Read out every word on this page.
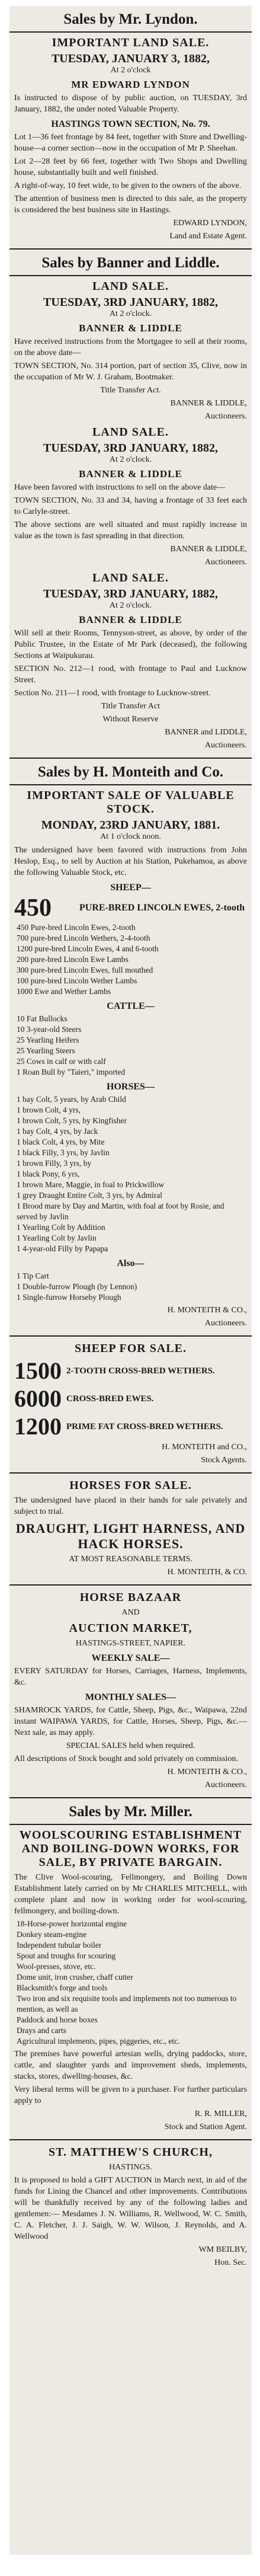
Sales by Mr. Lyndon.
IMPORTANT LAND SALE.
TUESDAY, JANUARY 3, 1882,
At 2 o'clock
MR EDWARD LYNDON

Is instructed to dispose of by public auction, on TUESDAY, 3rd January, 1882, the under noted Valuable Property.

HASTINGS TOWN SECTION, No. 79.

Lot 1—36 feet frontage by 84 feet, together with Store and Dwelling-house—a corner section—now in the occupation of Mr P. Sheehan.

Lot 2—28 feet by 66 feet, together with Two Shops and Dwelling house, substantially built and well finished.

A right-of-way, 10 feet wide, to be given to the owners of the above.

The attention of business men is directed to this sale, as the property is considered the best business site in Hastings.

EDWARD LYNDON,
Land and Estate Agent.
Sales by Banner and Liddle.
LAND SALE.
TUESDAY, 3RD JANUARY, 1882,
At 2 o'clock.
BANNER & LIDDLE

Have received instructions from the Mortgagee to sell at their rooms, on the above date—

TOWN SECTION, No. 314 portion, part of section 35, Clive, now in the occupation of Mr W. J. Graham, Bootmaker.

Title Transfer Act.
BANNER & LIDDLE,
Auctioneers.
LAND SALE.
TUESDAY, 3RD JANUARY, 1882,
At 2 o'clock.
BANNER & LIDDLE

Have been favored with instructions to sell on the above date—

TOWN SECTION, No. 33 and 34, having a frontage of 33 feet each to Carlyle-street.

The above sections are well situated and must rapidly increase in value as the town is fast spreading in that direction.

BANNER & LIDDLE,
Auctioneers.
LAND SALE.
TUESDAY, 3RD JANUARY, 1882,
At 2 o'clock.
BANNER & LIDDLE

Will sell at their Rooms, Tennyson-street, as above, by order of the Public Trustee, in the Estate of Mr Park (deceased), the following Sections at Waipukurau.

SECTION No. 212—1 rood, with frontage to Paul and Lucknow Street.

Section No. 211—1 rood, with frontage to Lucknow-street.

Title Transfer Act
Without Reserve
BANNER and LIDDLE,
Auctioneers.
Sales by H. Monteith and Co.
IMPORTANT SALE OF VALUABLE STOCK.
MONDAY, 23RD JANUARY, 1881.
At 1 o'clock noon.

The undersigned have been favored with instructions from John Heslop, Esq., to sell by Auction at his Station, Pukehamoa, as above the following Valuable Stock, etc.

SHEEP—
450	PURE-BRED LINCOLN EWES, 2-tooth
450 Pure-bred Lincoln Ewes, 2-tooth
700 pure-bred Lincoln Wethers, 2-4-tooth
1200 pure-bred Lincoln Ewes, 4 and 6-tooth
200 pure-bred Lincoln Ewe Lambs
300 pure-bred Lincoln Ewes, full mouthed
100 pure-bred Lincoln Wether Lambs
1000 Ewe and Wether Lambs
CATTLE—
10 Fat Bullocks
10 3-year-old Steers
25 Yearling Heifers
25 Yearling Steers
25 Cows in calf or with calf
1 Roan Bull by "Taieri," imported
HORSES—
1 bay Colt, 5 years, by Arab Child
1 brown Colt, 4 yrs,
1 brown Colt, 5 yrs, by Kingfisher
1 bay Colt, 4 yrs, by Jack
1 black Colt, 4 yrs, by Mite
1 black Filly, 3 yrs, by Javlin
1 brown Filly, 3 yrs, by
1 black Pony, 6 yrs,
1 brown Mare, Maggie, in foal to Prickwillow
1 grey Draught Entire Colt, 3 yrs, by Admiral
1 Brood mare by Day and Martin, with foal at foot by Rosie, and served by Javlin
1 Yearling Colt by Addition
1 Yearling Colt by Javlin
1 4-year-old Filly by Papapa
Also—
1 Tip Cart
1 Double-furrow Plough (by Lennon)
1 Single-furrow Horseby Plough
H. MONTEITH & CO.,
Auctioneers.
SHEEP FOR SALE.
1500 2-TOOTH CROSS-BRED WETHERS.
6000 CROSS-BRED EWES.
1200 PRIME FAT CROSS-BRED WETHERS.
H. MONTEITH and CO.,
Stock Agents.
HORSES FOR SALE.

The undersigned have placed in their hands for sale privately and subject to trial.

DRAUGHT, LIGHT HARNESS, AND HACK HORSES.
AT MOST REASONABLE TERMS.
H. MONTEITH, & CO.
HORSE BAZAAR
AND
AUCTION MARKET,
HASTINGS-STREET, NAPIER.
WEEKLY SALE—

EVERY SATURDAY for Horses, Carriages, Harness, Implements, &c.

MONTHLY SALES—

SHAMROCK YARDS, for Cattle, Sheep, Pigs, &c., Waipawa, 22nd instant WAIPAWA YARDS, for Cattle, Horses, Sheep, Pigs, &c.—Next sale, as may apply.

SPECIAL SALES held when required.

All descriptions of Stock bought and sold privately on commission.

H. MONTEITH & CO.,
Auctioneers.
Sales by Mr. Miller.
WOOLSCOURING ESTABLISHMENT AND BOILING-DOWN WORKS, FOR SALE, BY PRIVATE BARGAIN.

The Clive Wool-scouring, Fellmongery, and Boiling Down Establishment lately carried on by Mr CHARLES MITCHELL, with complete plant and now in working order for wool-scouring, fellmongery, and boiling-down.

18-Horse-power horizontal engine
Donkey steam-engine
Independent tubular boiler
Spout and troughs for scouring
Wool-presses, stove, etc.
Dome unit, iron crusher, chaff cutter
Blacksmith's forge and tools
Two iron and six requisite tools and implements not too numerous to mention, as well as
Paddock and horse boxes
Drays and carts
Agricultural implements, pipes, piggeries, etc., etc.

The premises have powerful artesian wells, drying paddocks, store, cattle, and slaughter yards and improvement sheds, implements, stacks, stores, dwelling-houses, &c.

Very liberal terms will be given to a purchaser. For further particulars apply to

R. R. MILLER,
Stock and Station Agent.
ST. MATTHEW'S CHURCH,
HASTINGS.

It is proposed to hold a GIFT AUCTION in March next, in aid of the funds for Lining the Chancel and other improvements. Contributions will be thankfully received by any of the following ladies and gentlemen:— Mesdames J. N. Williams, R. Wellwood, W. C. Smith, C. A. Fletcher, J. J. Saigh, W. W. Wilson, J. Reynolds, and A. Wellwood

WM BEILBY,
Hon. Sec.
